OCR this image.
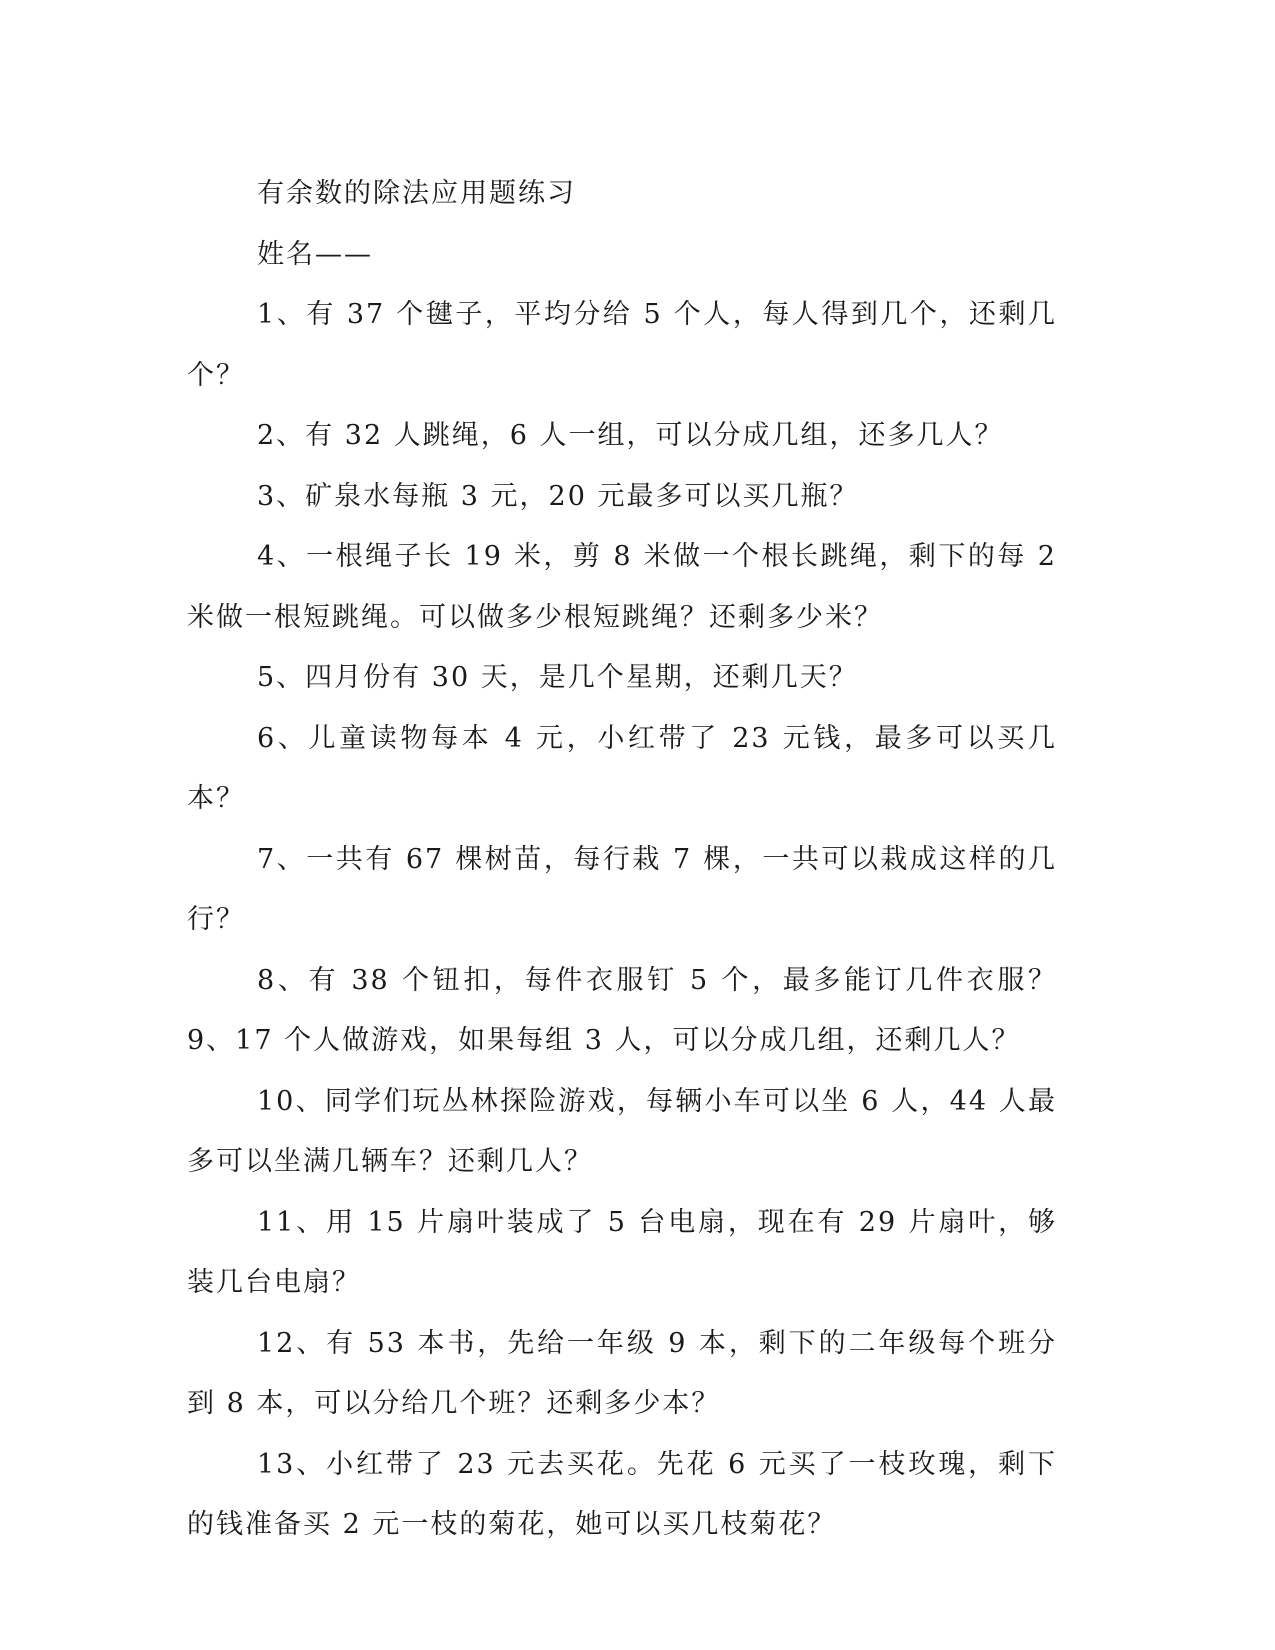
有余数的除法应用题练习

姓名——

1、有 37 个毽子，平均分给 5 个人，每人得到几个，还剩几个？

2、有 32 人跳绳，6 人一组，可以分成几组，还多几人？

3、矿泉水每瓶 3 元，20 元最多可以买几瓶？

4、一根绳子长 19 米，剪 8 米做一个根长跳绳，剩下的每 2 米做一根短跳绳。可以做多少根短跳绳？还剩多少米？

5、四月份有 30 天，是几个星期，还剩几天？

6、儿童读物每本 4 元，小红带了 23 元钱，最多可以买几本？

7、一共有 67 棵树苗，每行栽 7 棵，一共可以栽成这样的几行？

8、有 38 个钮扣，每件衣服钉 5 个，最多能订几件衣服？9、17 个人做游戏，如果每组 3 人，可以分成几组，还剩几人？

10、同学们玩丛林探险游戏，每辆小车可以坐 6 人，44 人最多可以坐满几辆车？还剩几人？

11、用 15 片扇叶装成了 5 台电扇，现在有 29 片扇叶，够装几台电扇？

12、有 53 本书，先给一年级 9 本，剩下的二年级每个班分到 8 本，可以分给几个班？还剩多少本？

13、小红带了 23 元去买花。先花 6 元买了一枝玫瑰，剩下的钱准备买 2 元一枝的菊花，她可以买几枝菊花？
